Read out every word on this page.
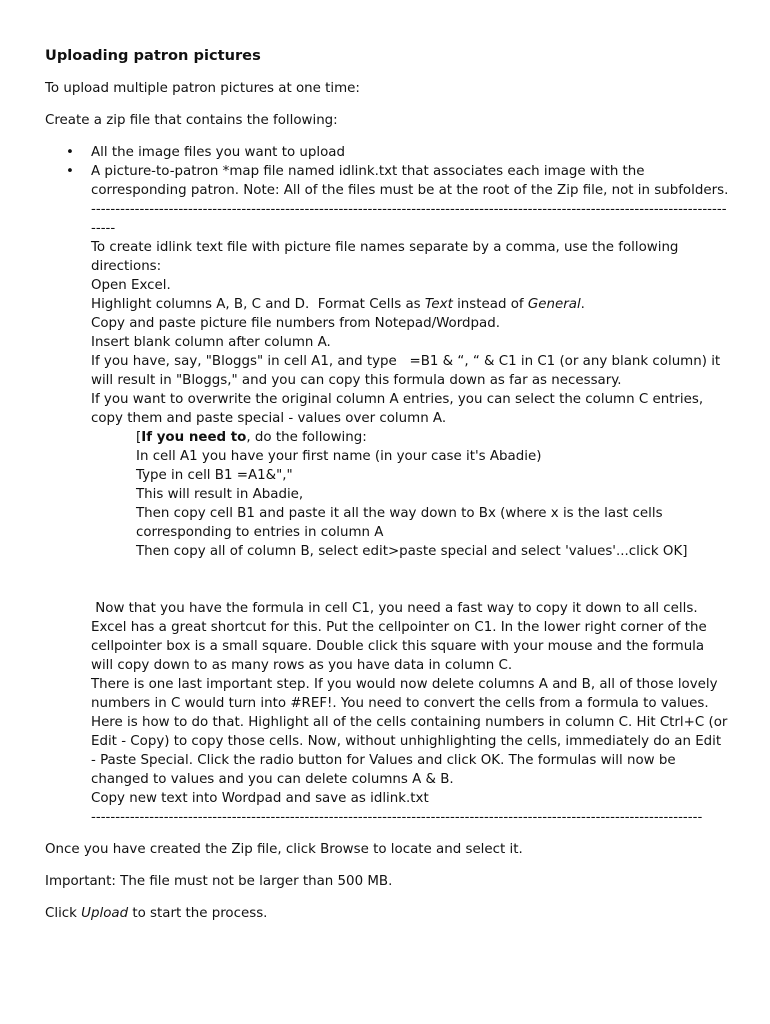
Uploading patron pictures

To upload multiple patron pictures at one time:

Create a zip file that contains the following:

• All the image files you want to upload
• A picture-to-patron *map file named idlink.txt that associates each image with the corresponding patron. Note: All of the files must be at the root of the Zip file, not in subfolders.
----------------------------------------------------------------------------------------------------------------------------------------
To create idlink text file with picture file names separate by a comma, use the following directions:
Open Excel.
Highlight columns A, B, C and D.  Format Cells as Text instead of General.
Copy and paste picture file numbers from Notepad/Wordpad.
Insert blank column after column A.
If you have, say, "Bloggs" in cell A1, and type   =B1 & “, “ & C1 in C1 (or any blank column) it will result in "Bloggs," and you can copy this formula down as far as necessary.
If you want to overwrite the original column A entries, you can select the column C entries, copy them and paste special - values over column A.
[If you need to, do the following:
In cell A1 you have your first name (in your case it's Abadie)
Type in cell B1 =A1&","
This will result in Abadie,
Then copy cell B1 and paste it all the way down to Bx (where x is the last cells corresponding to entries in column A
Then copy all of column B, select edit>paste special and select 'values'...click OK]
Now that you have the formula in cell C1, you need a fast way to copy it down to all cells. Excel has a great shortcut for this. Put the cellpointer on C1. In the lower right corner of the cellpointer box is a small square. Double click this square with your mouse and the formula will copy down to as many rows as you have data in column C.
There is one last important step. If you would now delete columns A and B, all of those lovely numbers in C would turn into #REF!. You need to convert the cells from a formula to values. Here is how to do that. Highlight all of the cells containing numbers in column C. Hit Ctrl+C (or Edit - Copy) to copy those cells. Now, without unhighlighting the cells, immediately do an Edit - Paste Special. Click the radio button for Values and click OK. The formulas will now be changed to values and you can delete columns A & B.
Copy new text into Wordpad and save as idlink.txt
------------------------------------------------------------------------------------------------------------------------------

Once you have created the Zip file, click Browse to locate and select it.

Important: The file must not be larger than 500 MB.

Click Upload to start the process.
